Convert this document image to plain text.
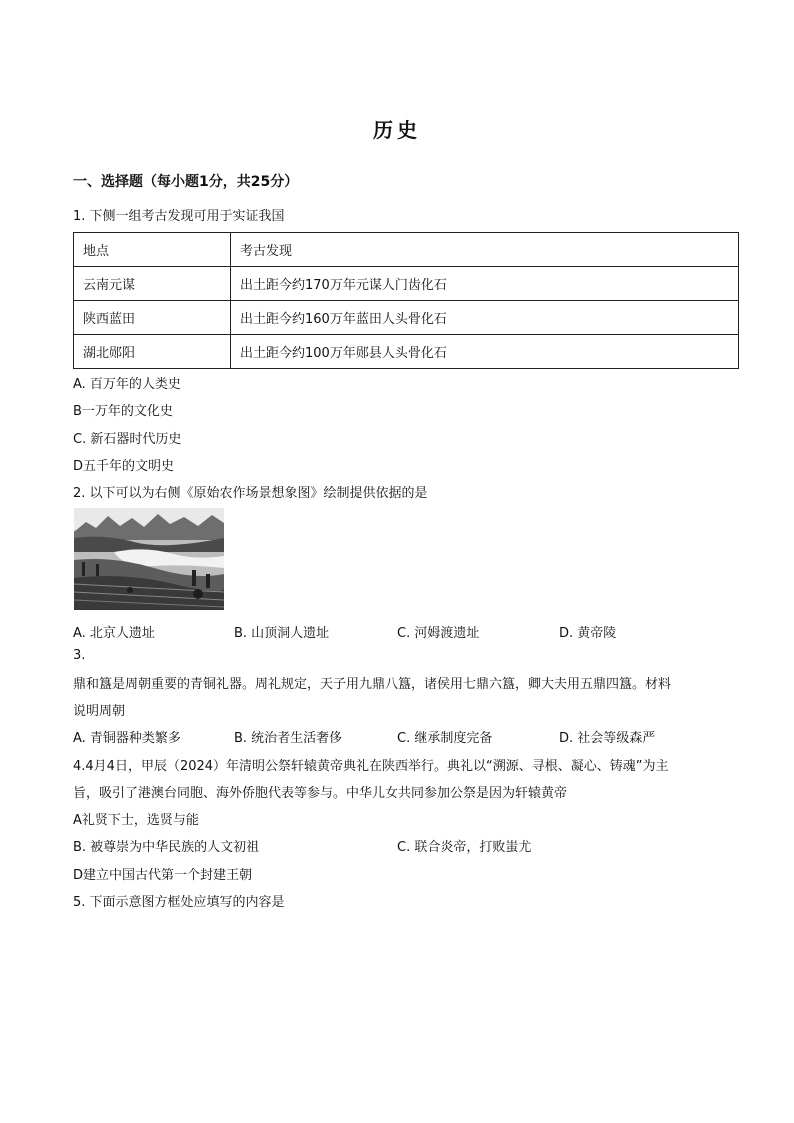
历史
一、选择题（每小题1分，共25分）
1. 下侧一组考古发现可用于实证我国
地点	考古发现
云南元谋	出土距今约170万年元谋人门齿化石
陕西蓝田	出土距今约160万年蓝田人头骨化石
湖北郧阳	出土距今约100万年郧县人头骨化石
A. 百万年的人类史
B一万年的文化史
C. 新石器时代历史
D五千年的文明史
2. 以下可以为右侧《原始农作场景想象图》绘制提供依据的是
A. 北京人遗址	B. 山顶洞人遗址	C. 河姆渡遗址	D. 黄帝陵
3.
鼎和簋是周朝重要的青铜礼器。周礼规定，天子用九鼎八簋，诸侯用七鼎六簋，卿大夫用五鼎四簋。材料
说明周朝
A. 青铜器种类繁多	B. 统治者生活奢侈	C. 继承制度完备	D. 社会等级森严
4.4月4日，甲辰（2024）年清明公祭轩辕黄帝典礼在陕西举行。典礼以“溯源、寻根、凝心、铸魂”为主
旨，吸引了港澳台同胞、海外侨胞代表等参与。中华儿女共同参加公祭是因为轩辕黄帝
A礼贤下士，选贤与能
B. 被尊崇为中华民族的人文初祖	C. 联合炎帝，打败蚩尤
D建立中国古代第一个封建王朝
5. 下面示意图方框处应填写的内容是
